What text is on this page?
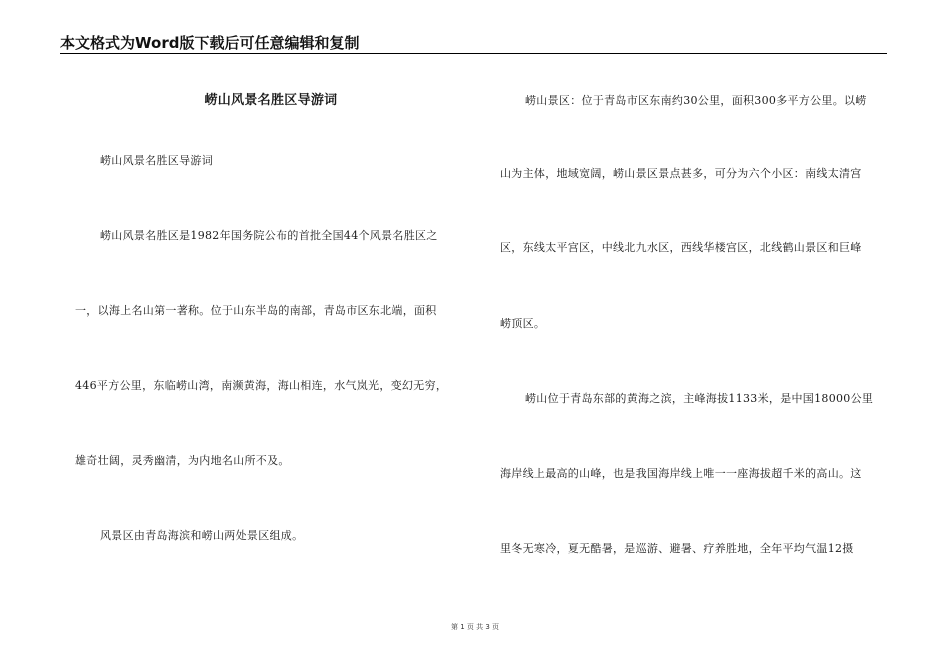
本文格式为Word版下载后可任意编辑和复制

崂山风景名胜区导游词

崂山风景名胜区导游词

崂山风景名胜区是1982年国务院公布的首批全国44个风景名胜区之

一，以海上名山第一著称。位于山东半岛的南部，青岛市区东北端，面积

446平方公里，东临崂山湾，南濒黄海，海山相连，水气岚光，变幻无穷，

雄奇壮阔，灵秀幽清，为内地名山所不及。

风景区由青岛海滨和崂山两处景区组成。

崂山景区：位于青岛市区东南约30公里，面积300多平方公里。以崂

山为主体，地域宽阔，崂山景区景点甚多，可分为六个小区：南线太清宫

区，东线太平宫区，中线北九水区，西线华楼宫区，北线鹤山景区和巨峰

崂顶区。

崂山位于青岛东部的黄海之滨，主峰海拔1133米，是中国18000公里

海岸线上最高的山峰，也是我国海岸线上唯一一座海拔超千米的高山。这

里冬无寒冷，夏无酷暑，是巡游、避暑、疗养胜地，全年平均气温12摄

第 1 页 共 3 页
